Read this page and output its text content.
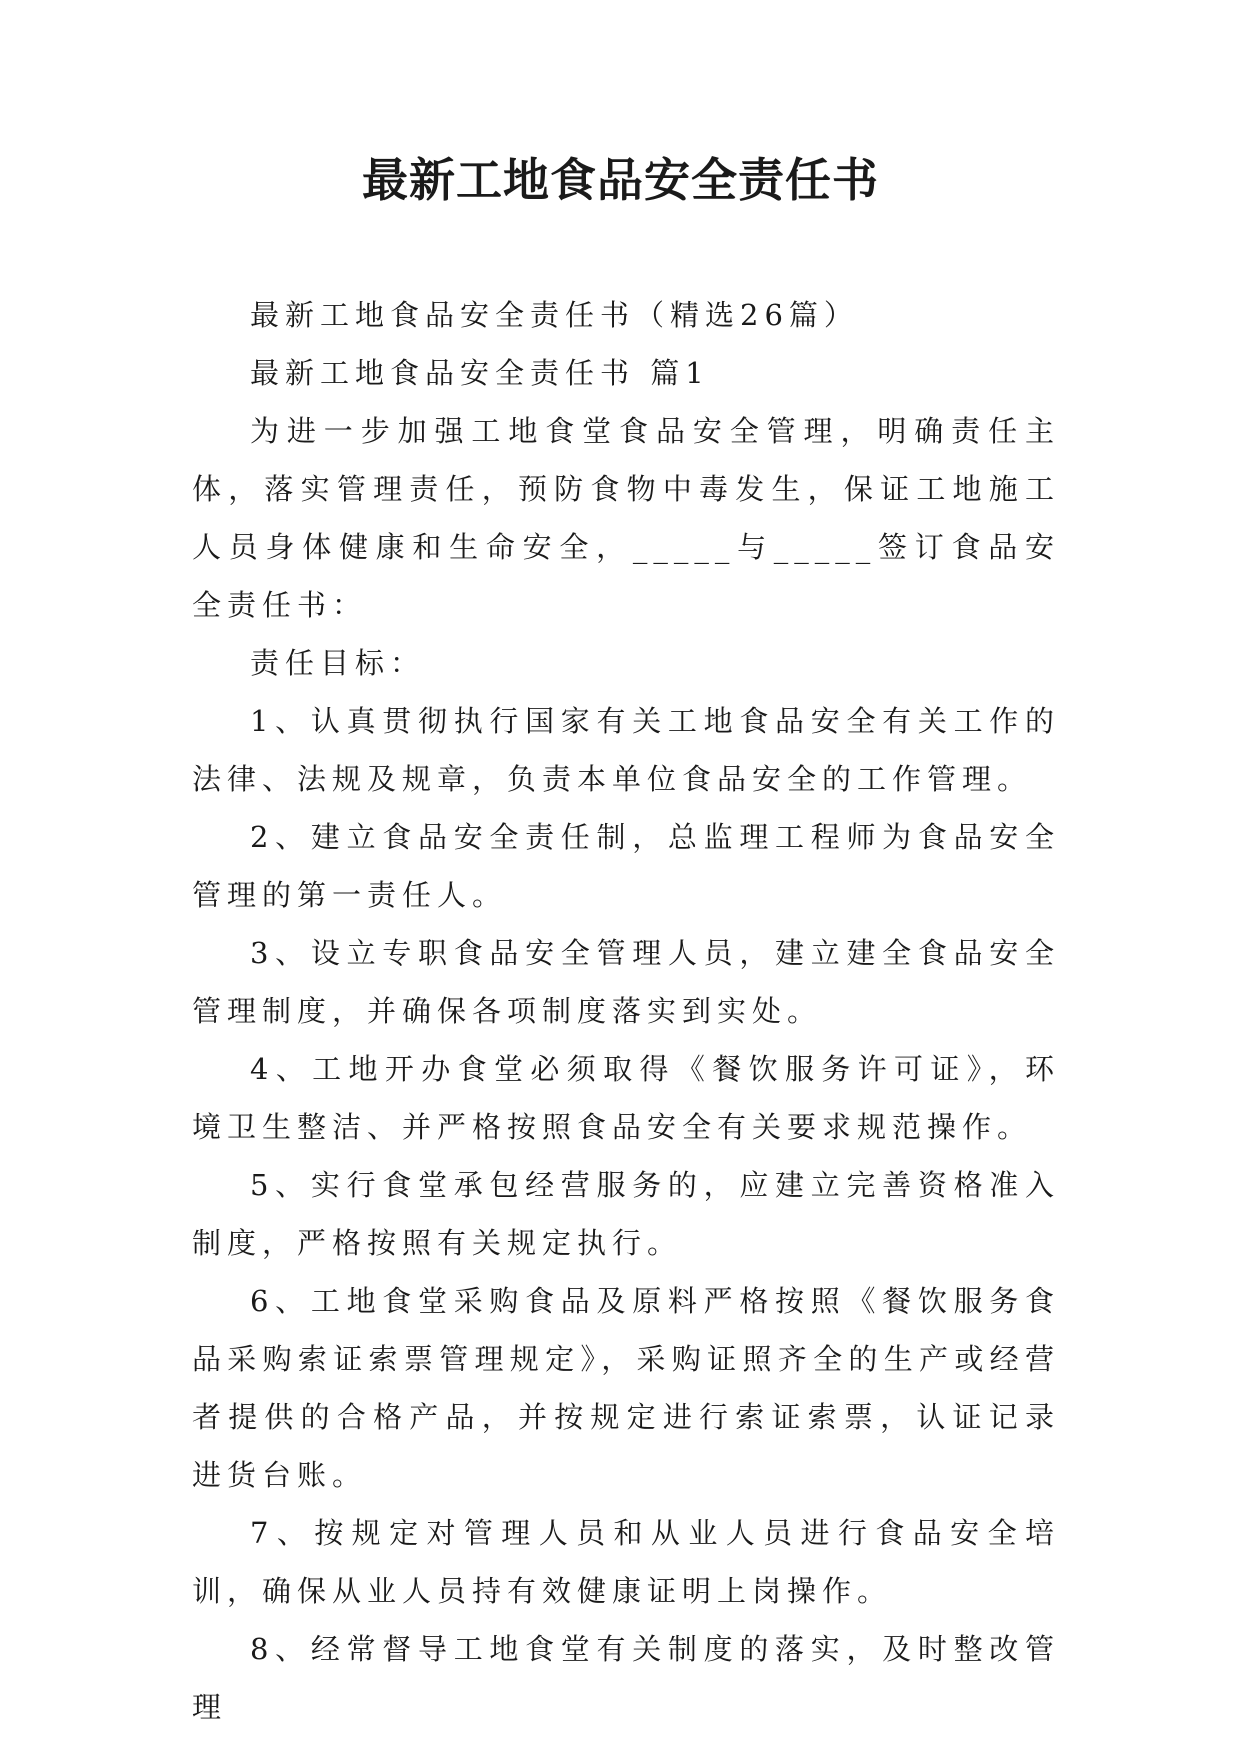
最新工地食品安全责任书

最新工地食品安全责任书（精选26篇）

最新工地食品安全责任书 篇1

为进一步加强工地食堂食品安全管理，明确责任主体，落实管理责任，预防食物中毒发生，保证工地施工人员身体健康和生命安全，_____与_____签订食品安全责任书：

责任目标：

1、认真贯彻执行国家有关工地食品安全有关工作的法律、法规及规章，负责本单位食品安全的工作管理。

2、建立食品安全责任制，总监理工程师为食品安全管理的第一责任人。

3、设立专职食品安全管理人员，建立建全食品安全管理制度，并确保各项制度落实到实处。

4、工地开办食堂必须取得《餐饮服务许可证》，环境卫生整洁、并严格按照食品安全有关要求规范操作。

5、实行食堂承包经营服务的，应建立完善资格准入制度，严格按照有关规定执行。

6、工地食堂采购食品及原料严格按照《餐饮服务食品采购索证索票管理规定》，采购证照齐全的生产或经营者提供的合格产品，并按规定进行索证索票，认证记录进货台账。

7、按规定对管理人员和从业人员进行食品安全培训，确保从业人员持有效健康证明上岗操作。

8、经常督导工地食堂有关制度的落实，及时整改管理
